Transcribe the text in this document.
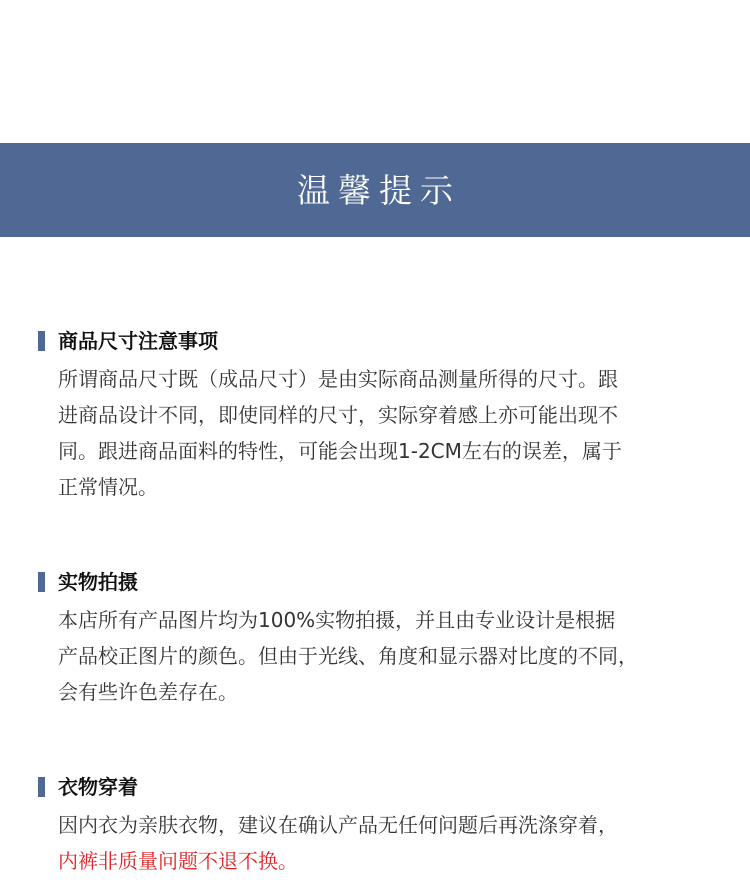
温馨提示
商品尺寸注意事项
所谓商品尺寸既（成品尺寸）是由实际商品测量所得的尺寸。跟
进商品设计不同，即使同样的尺寸，实际穿着感上亦可能出现不
同。跟进商品面料的特性，可能会出现1-2CM左右的误差，属于
正常情况。
实物拍摄
本店所有产品图片均为100%实物拍摄，并且由专业设计是根据
产品校正图片的颜色。但由于光线、角度和显示器对比度的不同，
会有些许色差存在。
衣物穿着
因内衣为亲肤衣物，建议在确认产品无任何问题后再洗涤穿着，
内裤非质量问题不退不换。
